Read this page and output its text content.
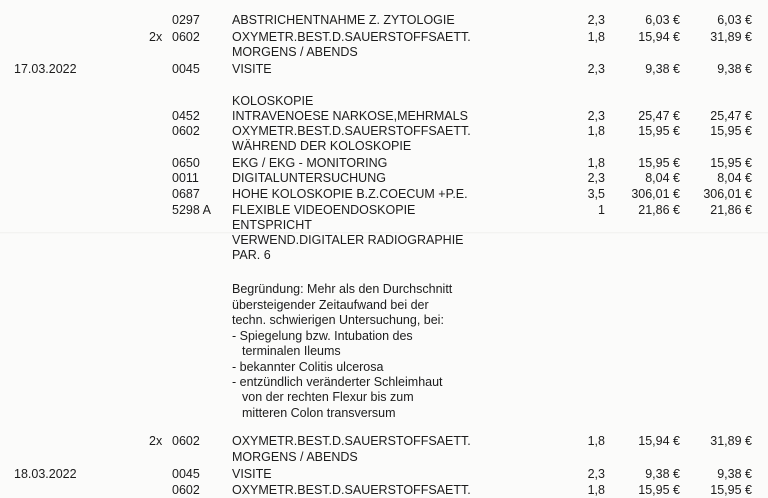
0297	ABSTRICHENTNAHME Z. ZYTOLOGIE	2,3	6,03 €	6,03 €
2x 0602	OXYMETR.BEST.D.SAUERSTOFFSAETT.	1,8	15,94 €	31,89 €
MORGENS / ABENDS
17.03.2022	0045	VISITE	2,3	9,38 €	9,38 €
KOLOSKOPIE
0452	INTRAVENOESE NARKOSE,MEHRMALS	2,3	25,47 €	25,47 €
0602	OXYMETR.BEST.D.SAUERSTOFFSAETT.	1,8	15,95 €	15,95 €
WÄHREND DER KOLOSKOPIE
0650	EKG / EKG - MONITORING	1,8	15,95 €	15,95 €
0011	DIGITALUNTERSUCHUNG	2,3	8,04 €	8,04 €
0687	HOHE KOLOSKOPIE B.Z.COECUM +P.E.	3,5	306,01 €	306,01 €
5298 A FLEXIBLE VIDEOENDOSKOPIE	1	21,86 €	21,86 €
ENTSPRICHT
VERWEND.DIGITALER RADIOGRAPHIE
PAR. 6
2x 0602	OXYMETR.BEST.D.SAUERSTOFFSAETT.	1,8	15,94 €	31,89 €
MORGENS / ABENDS
18.03.2022	0045	VISITE	2,3	9,38 €	9,38 €
0602	OXYMETR.BEST.D.SAUERSTOFFSAETT.	1,8	15,95 €	15,95 €
Begründung: Mehr als den Durchschnitt
übersteigender Zeitaufwand bei der
techn. schwierigen Untersuchung, bei:
- Spiegelung bzw. Intubation des
terminalen Ileums
- bekannter Colitis ulcerosa
- entzündlich veränderter Schleimhaut
von der rechten Flexur bis zum
mitteren Colon transversum
